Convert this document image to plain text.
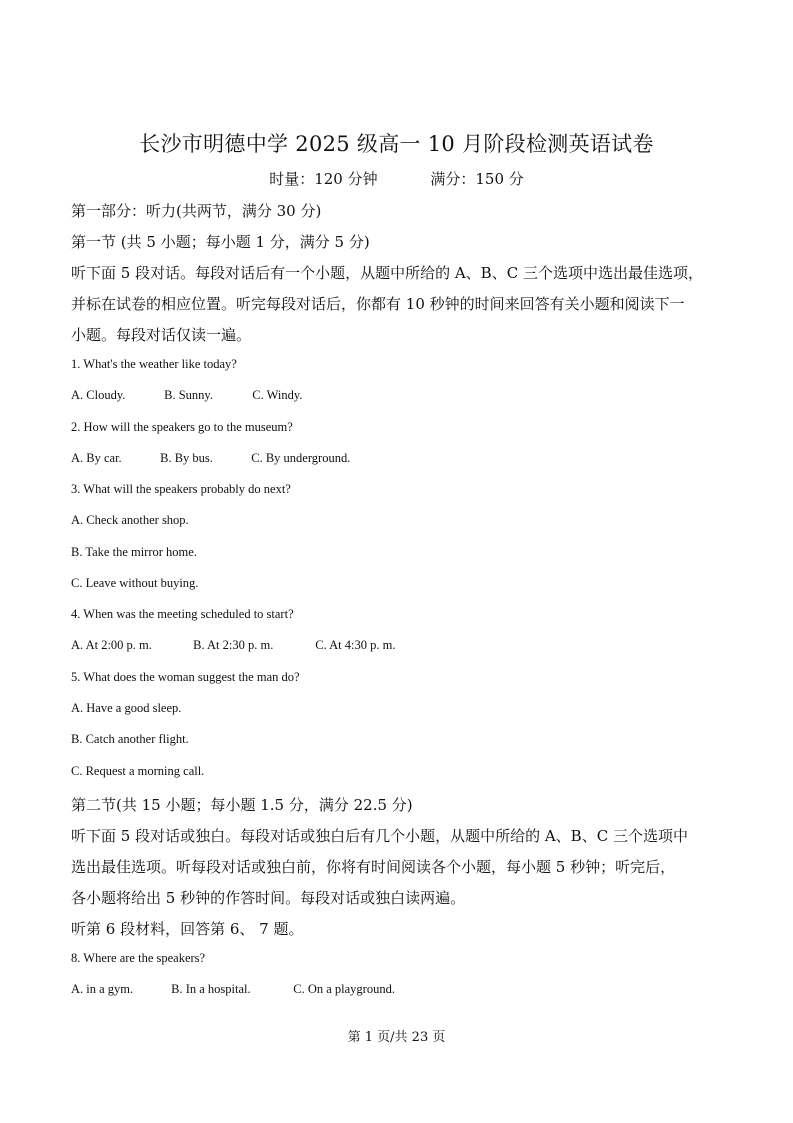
长沙市明德中学 2025 级高一 10 月阶段检测英语试卷
时量：120 分钟	满分：150 分
第一部分：听力(共两节，满分 30 分)
第一节 (共 5 小题；每小题 1 分，满分 5 分)
听下面 5 段对话。每段对话后有一个小题，从题中所给的 A、B、C 三个选项中选出最佳选项，
并标在试卷的相应位置。听完每段对话后，你都有 10 秒钟的时间来回答有关小题和阅读下一
小题。每段对话仅读一遍。
1. What's the weather like today?
A. Cloudy.	B. Sunny.	C. Windy.
2. How will the speakers go to the museum?
A. By car.	B. By bus.	C. By underground.
3. What will the speakers probably do next?
A. Check another shop.
B. Take the mirror home.
C. Leave without buying.
4. When was the meeting scheduled to start?
A. At 2:00 p. m.	B. At 2:30 p. m.	C. At 4:30 p. m.
5. What does the woman suggest the man do?
A. Have a good sleep.
B. Catch another flight.
C. Request a morning call.
第二节(共 15 小题；每小题 1.5 分，满分 22.5 分)
听下面 5 段对话或独白。每段对话或独白后有几个小题，从题中所给的 A、B、C 三个选项中
选出最佳选项。听每段对话或独白前，你将有时间阅读各个小题，每小题 5 秒钟；听完后，
各小题将给出 5 秒钟的作答时间。每段对话或独白读两遍。
听第 6 段材料，回答第 6、 7 题。
8. Where are the speakers?
A. in a gym.	B. In a hospital.	C. On a playground.
第 1 页/共 23 页
